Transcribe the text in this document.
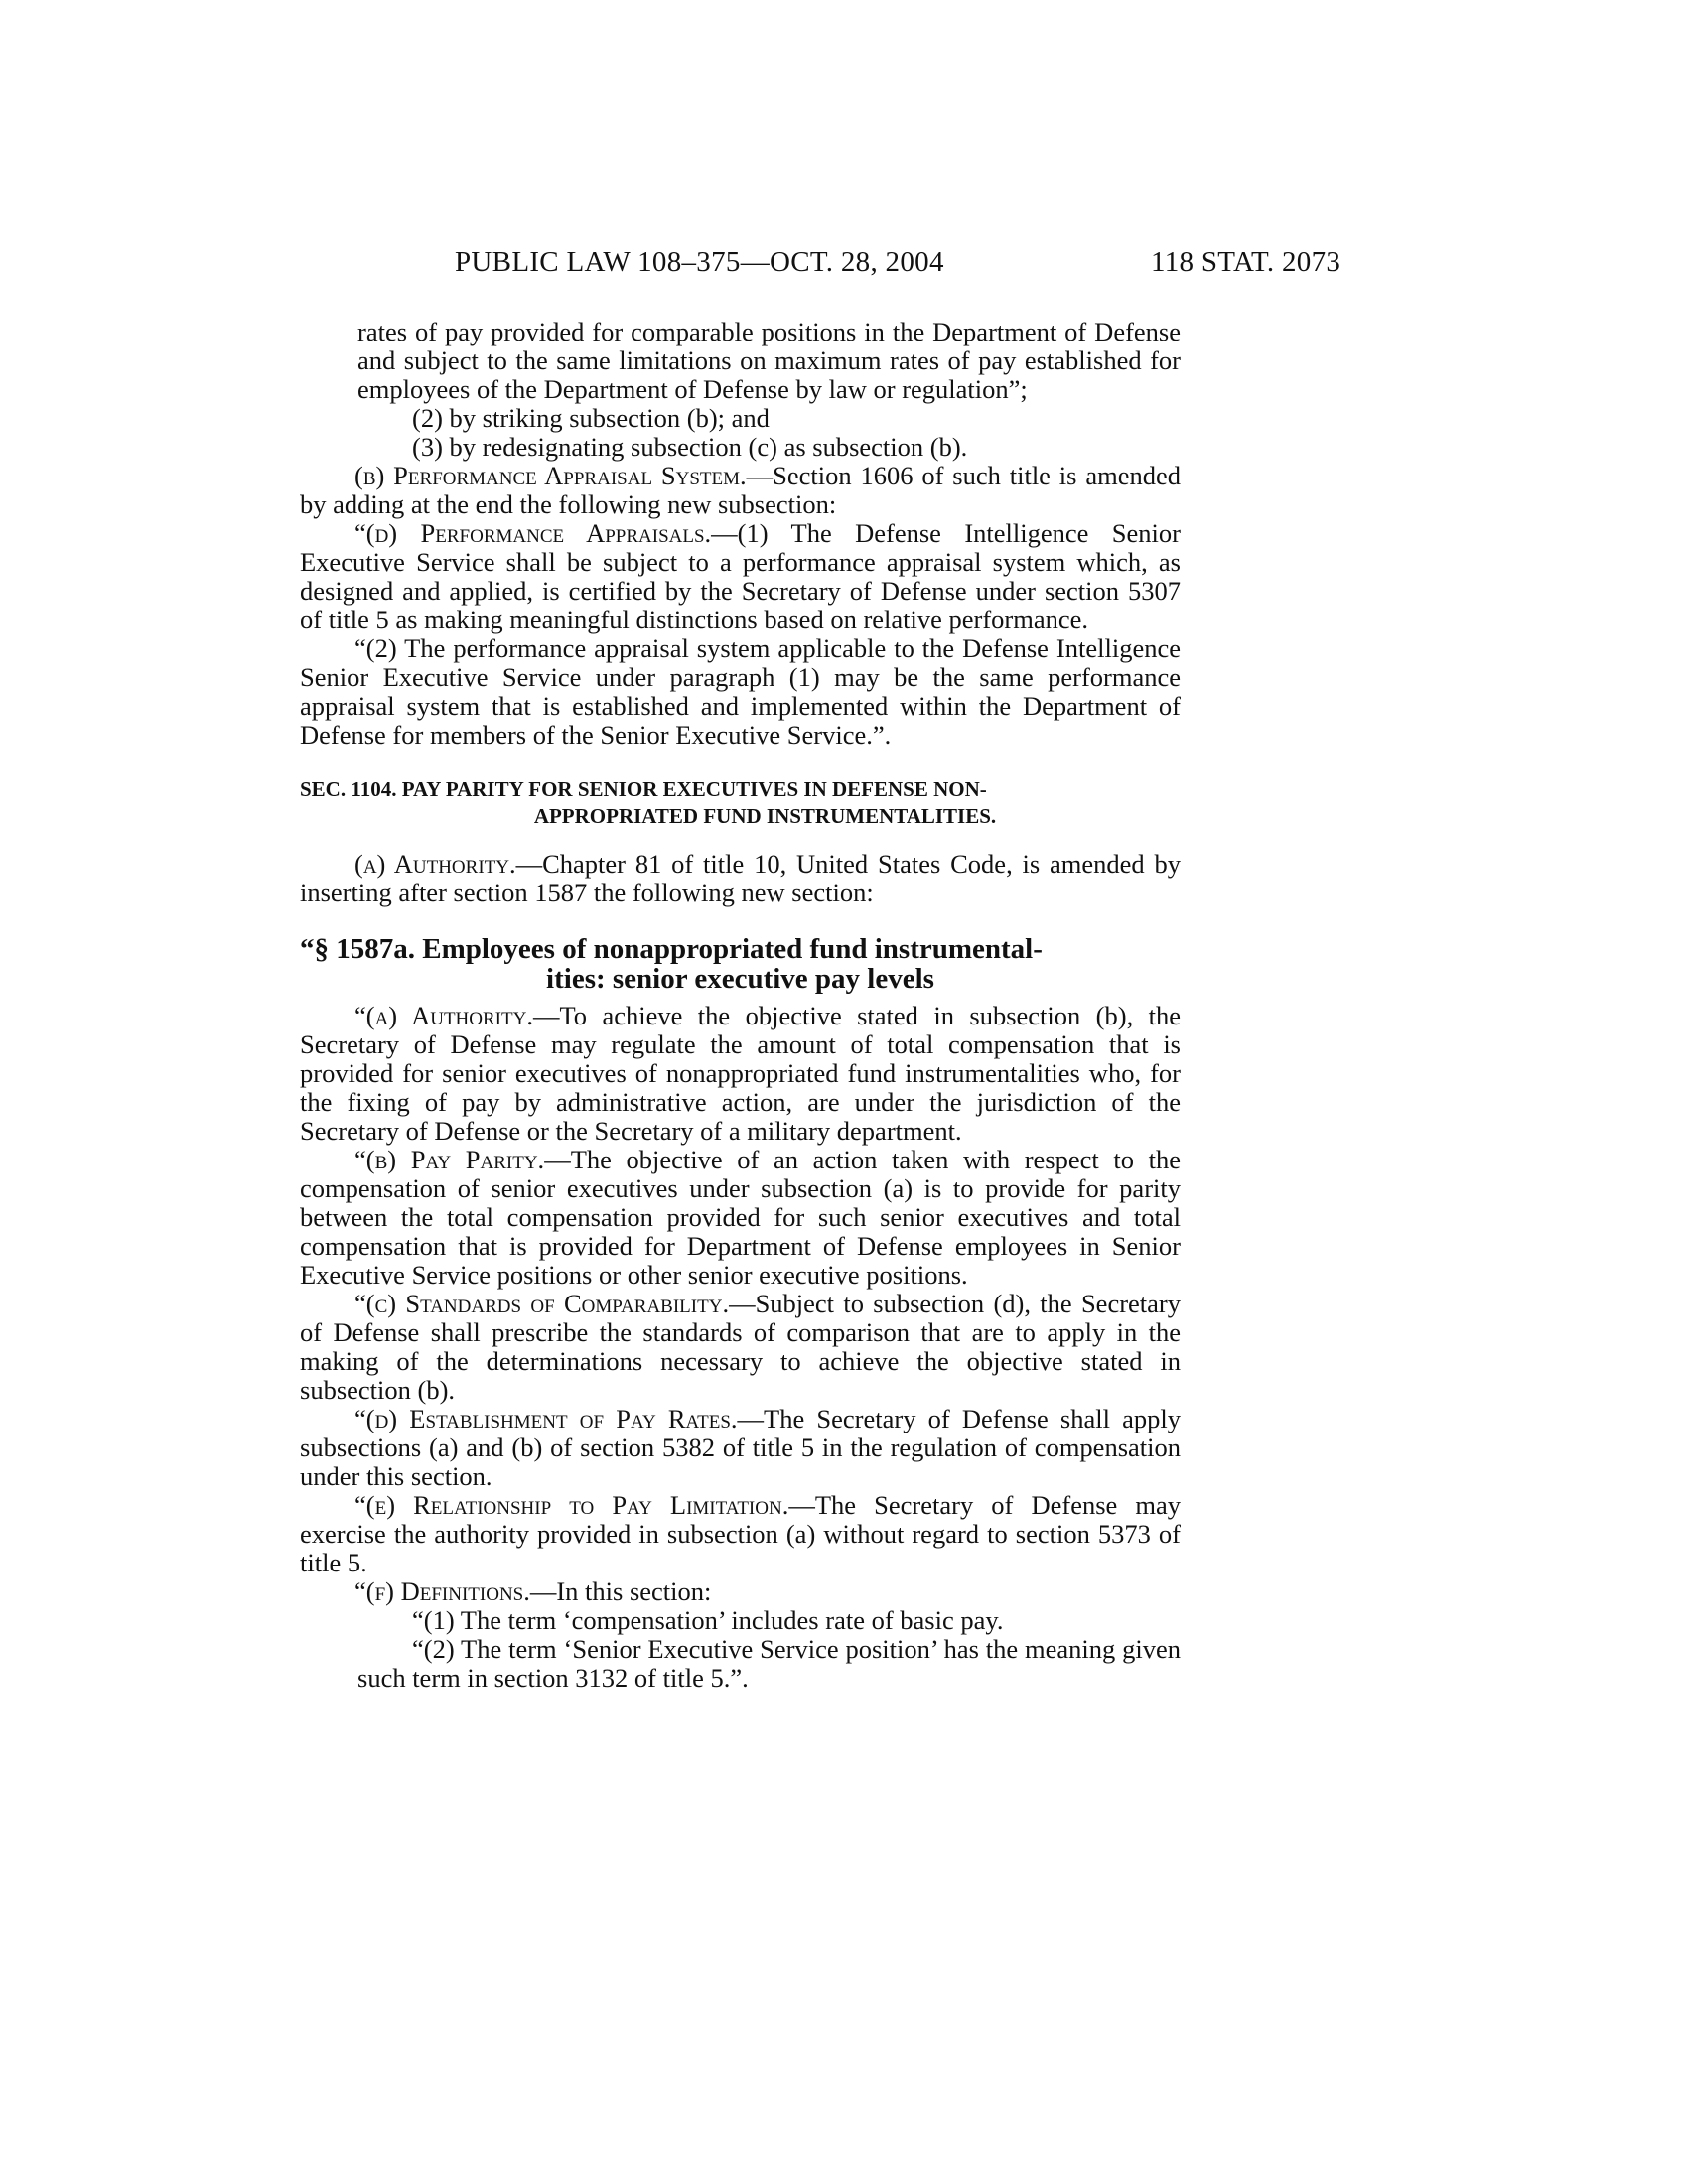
PUBLIC LAW 108–375—OCT. 28, 2004	118 STAT. 2073

rates of pay provided for comparable positions in the Department of Defense and subject to the same limitations on maximum rates of pay established for employees of the Department of Defense by law or regulation”;

(2) by striking subsection (b); and

(3) by redesignating subsection (c) as subsection (b).

(b) Performance Appraisal System.—Section 1606 of such title is amended by adding at the end the following new subsection:

“(d) Performance Appraisals.—(1) The Defense Intelligence Senior Executive Service shall be subject to a performance appraisal system which, as designed and applied, is certified by the Secretary of Defense under section 5307 of title 5 as making meaningful distinctions based on relative performance.

“(2) The performance appraisal system applicable to the Defense Intelligence Senior Executive Service under paragraph (1) may be the same performance appraisal system that is established and implemented within the Department of Defense for members of the Senior Executive Service.”.

SEC. 1104. PAY PARITY FOR SENIOR EXECUTIVES IN DEFENSE NON-
APPROPRIATED FUND INSTRUMENTALITIES.

(a) Authority.—Chapter 81 of title 10, United States Code, is amended by inserting after section 1587 the following new section:

“§ 1587a. Employees of nonappropriated fund instrumental-
ities: senior executive pay levels

“(a) Authority.—To achieve the objective stated in subsection (b), the Secretary of Defense may regulate the amount of total compensation that is provided for senior executives of nonappropriated fund instrumentalities who, for the fixing of pay by administrative action, are under the jurisdiction of the Secretary of Defense or the Secretary of a military department.

“(b) Pay Parity.—The objective of an action taken with respect to the compensation of senior executives under subsection (a) is to provide for parity between the total compensation provided for such senior executives and total compensation that is provided for Department of Defense employees in Senior Executive Service positions or other senior executive positions.

“(c) Standards of Comparability.—Subject to subsection (d), the Secretary of Defense shall prescribe the standards of comparison that are to apply in the making of the determinations necessary to achieve the objective stated in subsection (b).

“(d) Establishment of Pay Rates.—The Secretary of Defense shall apply subsections (a) and (b) of section 5382 of title 5 in the regulation of compensation under this section.

“(e) Relationship to Pay Limitation.—The Secretary of Defense may exercise the authority provided in subsection (a) without regard to section 5373 of title 5.

“(f) Definitions.—In this section:

“(1) The term ‘compensation’ includes rate of basic pay.

“(2) The term ‘Senior Executive Service position’ has the meaning given such term in section 3132 of title 5.”.
